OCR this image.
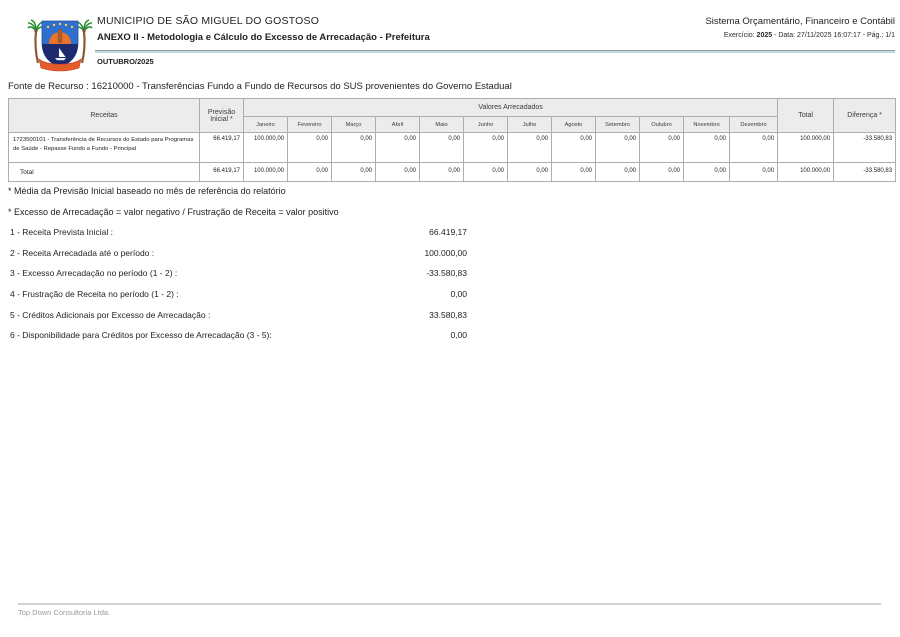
MUNICIPIO DE SÃO MIGUEL DO GOSTOSO
ANEXO II - Metodologia e Cálculo do Excesso de Arrecadação - Prefeitura
Sistema Orçamentário, Financeiro e Contábil
Exercício: 2025 - Data: 27/11/2025 16:07:17 - Pág.: 1/1
OUTUBRO/2025
Fonte de Recurso : 16210000 - Transferências Fundo a Fundo de Recursos do SUS provenientes do Governo Estadual
Receitas	Previsão Inicial *	Valores Arrecadados												Total	Diferença *
		Janeiro	Fevereiro	Março	Abril	Maio	Junho	Julho	Agosto	Setembro	Outubro	Novembro	Dezembro		
1723500101 - Transferência de Recursos do Estado para Programas de Saúde - Repasse Fundo a Fundo - Principal	66.419,17	100.000,00	0,00	0,00	0,00	0,00	0,00	0,00	0,00	0,00	0,00	0,00	0,00	100.000,00	-33.580,83
Total	66.419,17	100.000,00	0,00	0,00	0,00	0,00	0,00	0,00	0,00	0,00	0,00	0,00	0,00	100.000,00	-33.580,83
* Média da Previsão Inicial baseado no mês de referência do relatório
* Excesso de Arrecadação = valor negativo / Frustração de Receita = valor positivo
1 - Receita Prevista Inicial :	66.419,17
2 - Receita Arrecadada até o período :	100.000,00
3 - Excesso Arrecadação no período (1 - 2) :	-33.580,83
4 - Frustração de Receita no período (1 - 2) :	0,00
5 - Créditos Adicionais por Excesso de Arrecadação :	33.580,83
6 - Disponibilidade para Créditos por Excesso de Arrecadação (3 - 5):	0,00
Top Down Consultoria Ltda.
